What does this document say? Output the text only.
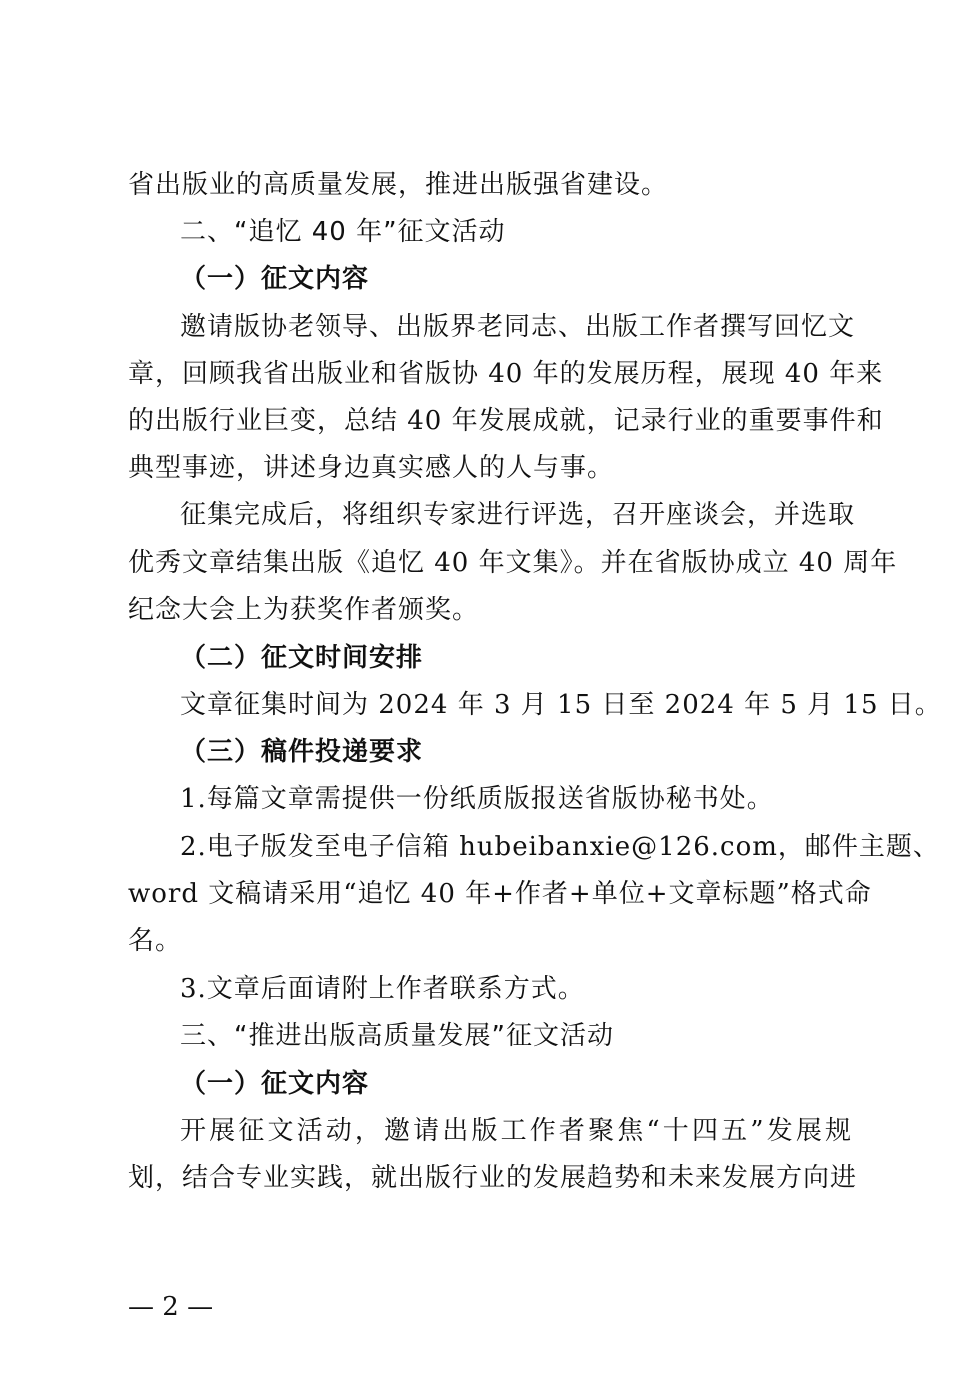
省出版业的高质量发展，推进出版强省建设。
二、“追忆 40 年”征文活动
（一）征文内容
邀请版协老领导、出版界老同志、出版工作者撰写回忆文
章，回顾我省出版业和省版协 40 年的发展历程，展现 40 年来
的出版行业巨变，总结 40 年发展成就，记录行业的重要事件和
典型事迹，讲述身边真实感人的人与事。
征集完成后，将组织专家进行评选，召开座谈会，并选取
优秀文章结集出版《追忆 40 年文集》。并在省版协成立 40 周年
纪念大会上为获奖作者颁奖。
（二）征文时间安排
文章征集时间为 2024 年 3 月 15 日至 2024 年 5 月 15 日。
（三）稿件投递要求
1.每篇文章需提供一份纸质版报送省版协秘书处。
2.电子版发至电子信箱 hubeibanxie@126.com，邮件主题、
word 文稿请采用“追忆 40 年+作者+单位+文章标题”格式命
名。
3.文章后面请附上作者联系方式。
三、“推进出版高质量发展”征文活动
（一）征文内容
开展征文活动，邀请出版工作者聚焦“十四五”发展规
划，结合专业实践，就出版行业的发展趋势和未来发展方向进
— 2 —
